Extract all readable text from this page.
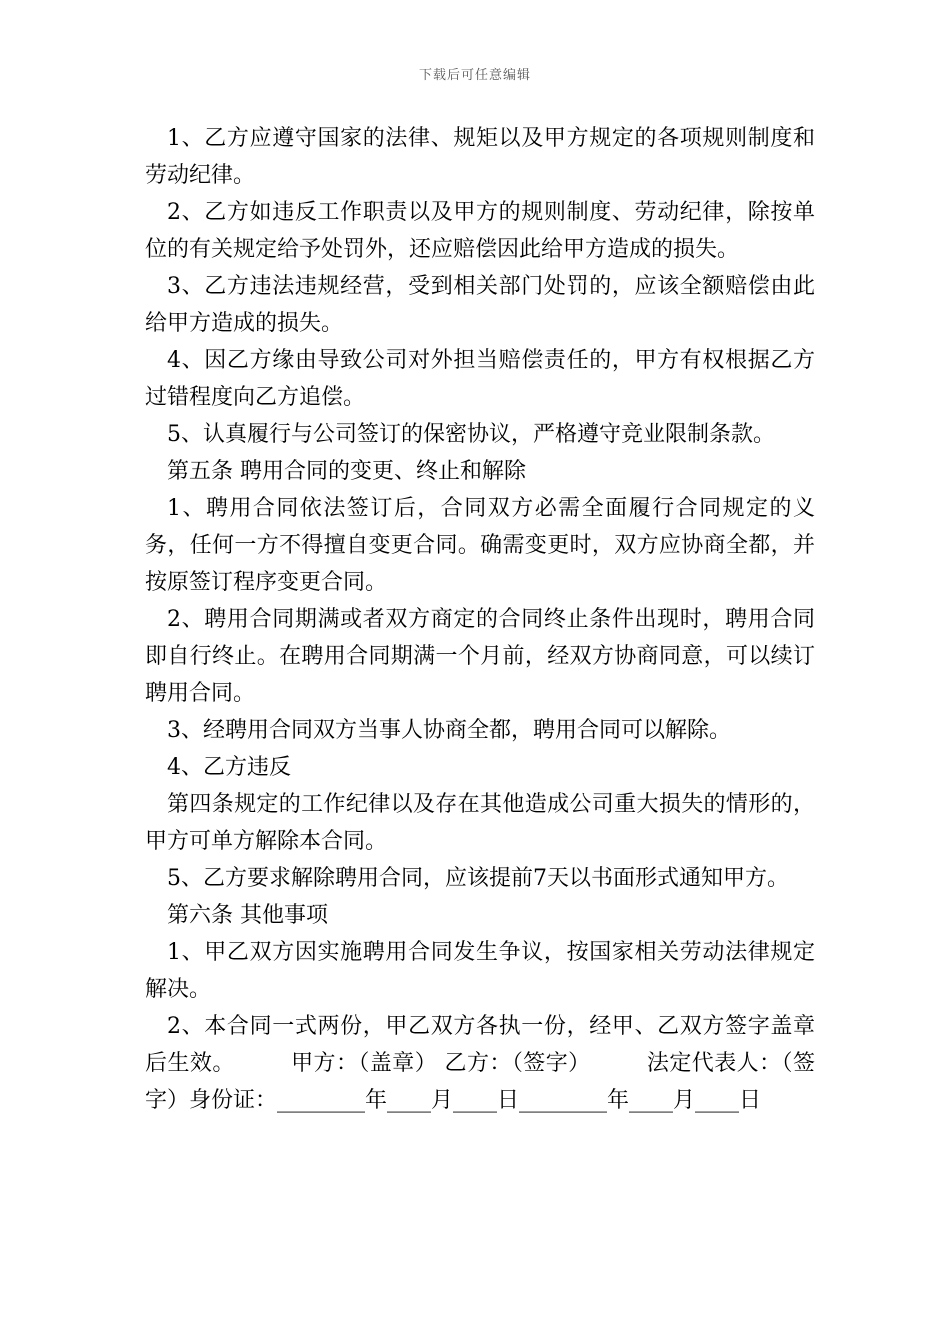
下载后可任意编辑

1、乙方应遵守国家的法律、规矩以及甲方规定的各项规则制度和劳动纪律。

2、乙方如违反工作职责以及甲方的规则制度、劳动纪律，除按单位的有关规定给予处罚外，还应赔偿因此给甲方造成的损失。

3、乙方违法违规经营，受到相关部门处罚的，应该全额赔偿由此给甲方造成的损失。

4、因乙方缘由导致公司对外担当赔偿责任的，甲方有权根据乙方过错程度向乙方追偿。

5、认真履行与公司签订的保密协议，严格遵守竞业限制条款。

第五条 聘用合同的变更、终止和解除

1、聘用合同依法签订后，合同双方必需全面履行合同规定的义务，任何一方不得擅自变更合同。确需变更时，双方应协商全都，并按原签订程序变更合同。

2、聘用合同期满或者双方商定的合同终止条件出现时，聘用合同即自行终止。在聘用合同期满一个月前，经双方协商同意，可以续订聘用合同。

3、经聘用合同双方当事人协商全都，聘用合同可以解除。

4、乙方违反

第四条规定的工作纪律以及存在其他造成公司重大损失的情形的，甲方可单方解除本合同。

5、乙方要求解除聘用合同，应该提前7天以书面形式通知甲方。

第六条 其他事项

1、甲乙双方因实施聘用合同发生争议，按国家相关劳动法律规定解决。

2、本合同一式两份，甲乙双方各执一份，经甲、乙双方签字盖章后生效。　　　甲方：（盖章） 乙方：（签字）　　　法定代表人：（签字）身份证：________年____月____日________年____月____日
